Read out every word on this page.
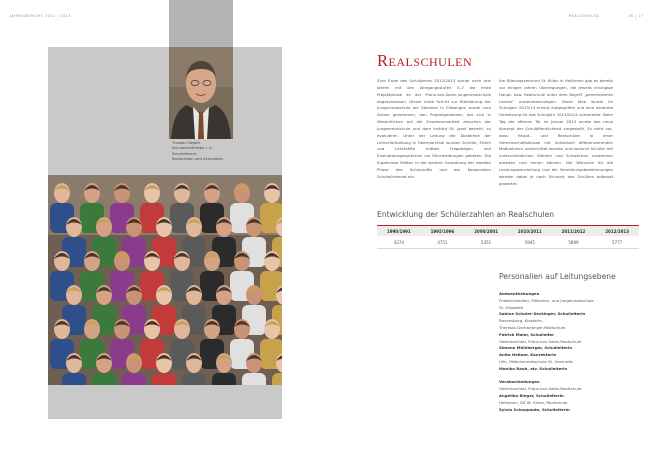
JAHRESBERICHT 2012 / 2013	REALSCHULEN	16 | 17
Thomas Siegert
Schulamtsdirektor i. K.
Schulreferent
Realschulen und Gymnasien
Realschulen
Zum Ende des Schuljahres 2012/2013 wurde nach drei Jahren mit den Jahrgangsstufen 5–7 die erste Projektphase an der Franz-von-Sales-Jungenrealschule abgeschlossen. Dieser erste Schritt zur Etablierung der Jungenrealschule am Standort in Ellwangen wurde zum Anlass genommen, den Projektgedanken, der sich in Wesentlichen auf die Zusammenarbeit zwischen der Jungenrealschule und dem Institut St. Josef bezieht, zu evaluieren. Unter der Leitung der Akademie der Lehrerfortbildung in Obermarchtal wurden Schüler, Eltern und Lehrkräfte mittels Fragebögen und Evaluationsgesprächen um Rückmeldungen gebeten. Die Ergebnisse fließen in die weitere Gestaltung der zweiten Phase des Schulprofils und der Kooperation Schule/Internat ein.
Am Bildungszentrum St. Kilian in Heilbronn gab es bereits vor einigen Jahren Überlegungen, die jeweils einzügige Haupt- bzw. Realschule unter dem Begriff „gemeinsames Lernen“ zusammenzulegen. Diese Idee wurde im Schuljahr 2013/14 erneut aufgegriffen und eine konkrete Umsetzung für das Schuljahr 2013/2014 vorbereitet. Beim Tag der offenen Tür im Januar 2013 wurde das neue Konzept der Schulöffentlichkeit vorgestellt. Es sieht vor, dass Haupt- und Realschüler in einer Gemeinschaftsklasse mit individuell differenzierenden Maßnahmen unterrichtet werden und dadurch Schüler mit unterschiedlichen Stärken und Schwächen zusammen arbeiten und lernen können. Die Wünsche für die Leistungsbeurteilung und die Versetzungsbestimmungen werden dabei je nach Schulart des Schülers adäquat gewertet.
Entwicklung der Schülerzahlen an Realschulen
1990/1991	1995/1996	2000/2001	2010/2011	2011/2012	2012/2013
4374	4751	5351	5945	5899	5777
Personalien auf Leitungsebene
Amtsenthebungen
Friedrichshafen, Mädchen- und Jungenrealschule
St. Elisabeth
Sabine Schuler-Seckinger, Schulleiterin
Ravensburg, Klosterle,
Theresia-Gerhardinger-Realschule
Patrick Maier, Schulleiter
Obermarchtal, Franz-von-Sales-Realschule
Simone Mühlberger, Schulleiterin
Anita Heßner, Konrektorin
Ulm, Mädchenrealschule St. Gertrudis
Monika Rauh, stv. Schulleiterin
Verabschiedungen
Obermarchtal, Franz-von-Sales-Realschule
Angelika Rieger, Schulleiterin
Heilbronn, BZ St. Kilian, Realschule
Sylvia Schoppautz, Schulleiterin
